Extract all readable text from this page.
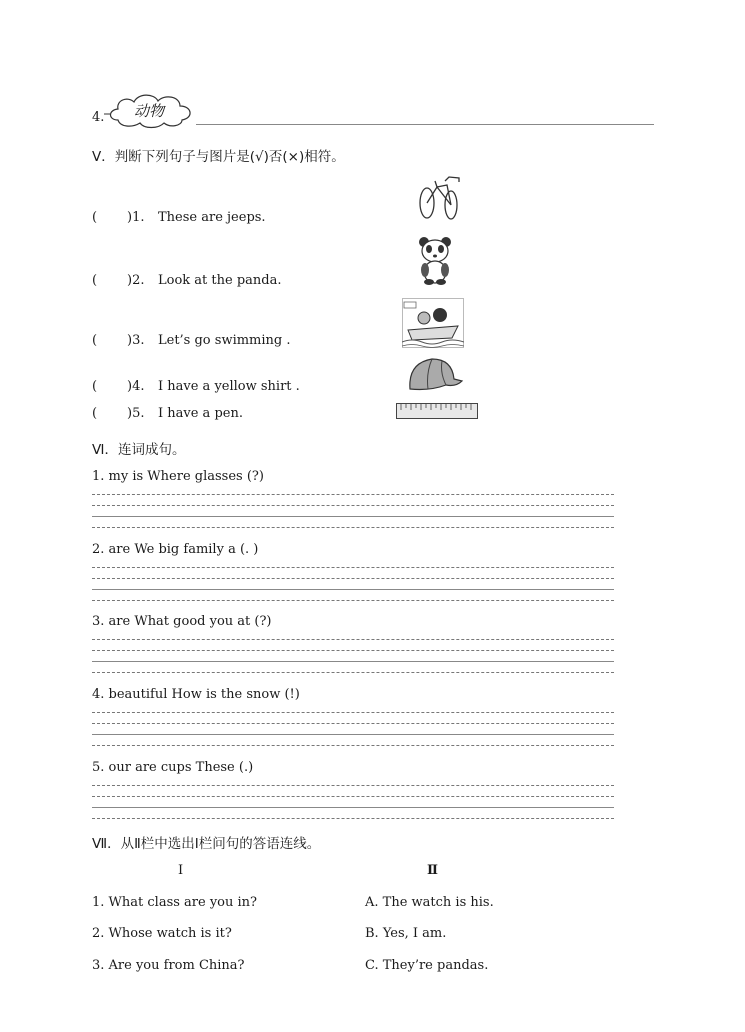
4. 动物
V．判断下列句子与图片是(√)否(×)相符。
( )1. These are jeeps.
( )2. Look at the panda.
( )3. Let’s go swimming .
( )4. I have a yellow shirt .
( )5. I have a pen.
Ⅵ．连词成句。
1. my is Where glasses (?)
2. are We big family a (. )
3. are What good you at (?)
4. beautiful How is the snow (!)
5. our are cups These (.)
Ⅶ．从Ⅱ栏中选出Ⅰ栏问句的答语连线。
I	Ⅱ
1. What class are you in?
2. Whose watch is it?
3. Are you from China?
A. The watch is his.
B. Yes, I am.
C. They’re pandas.
